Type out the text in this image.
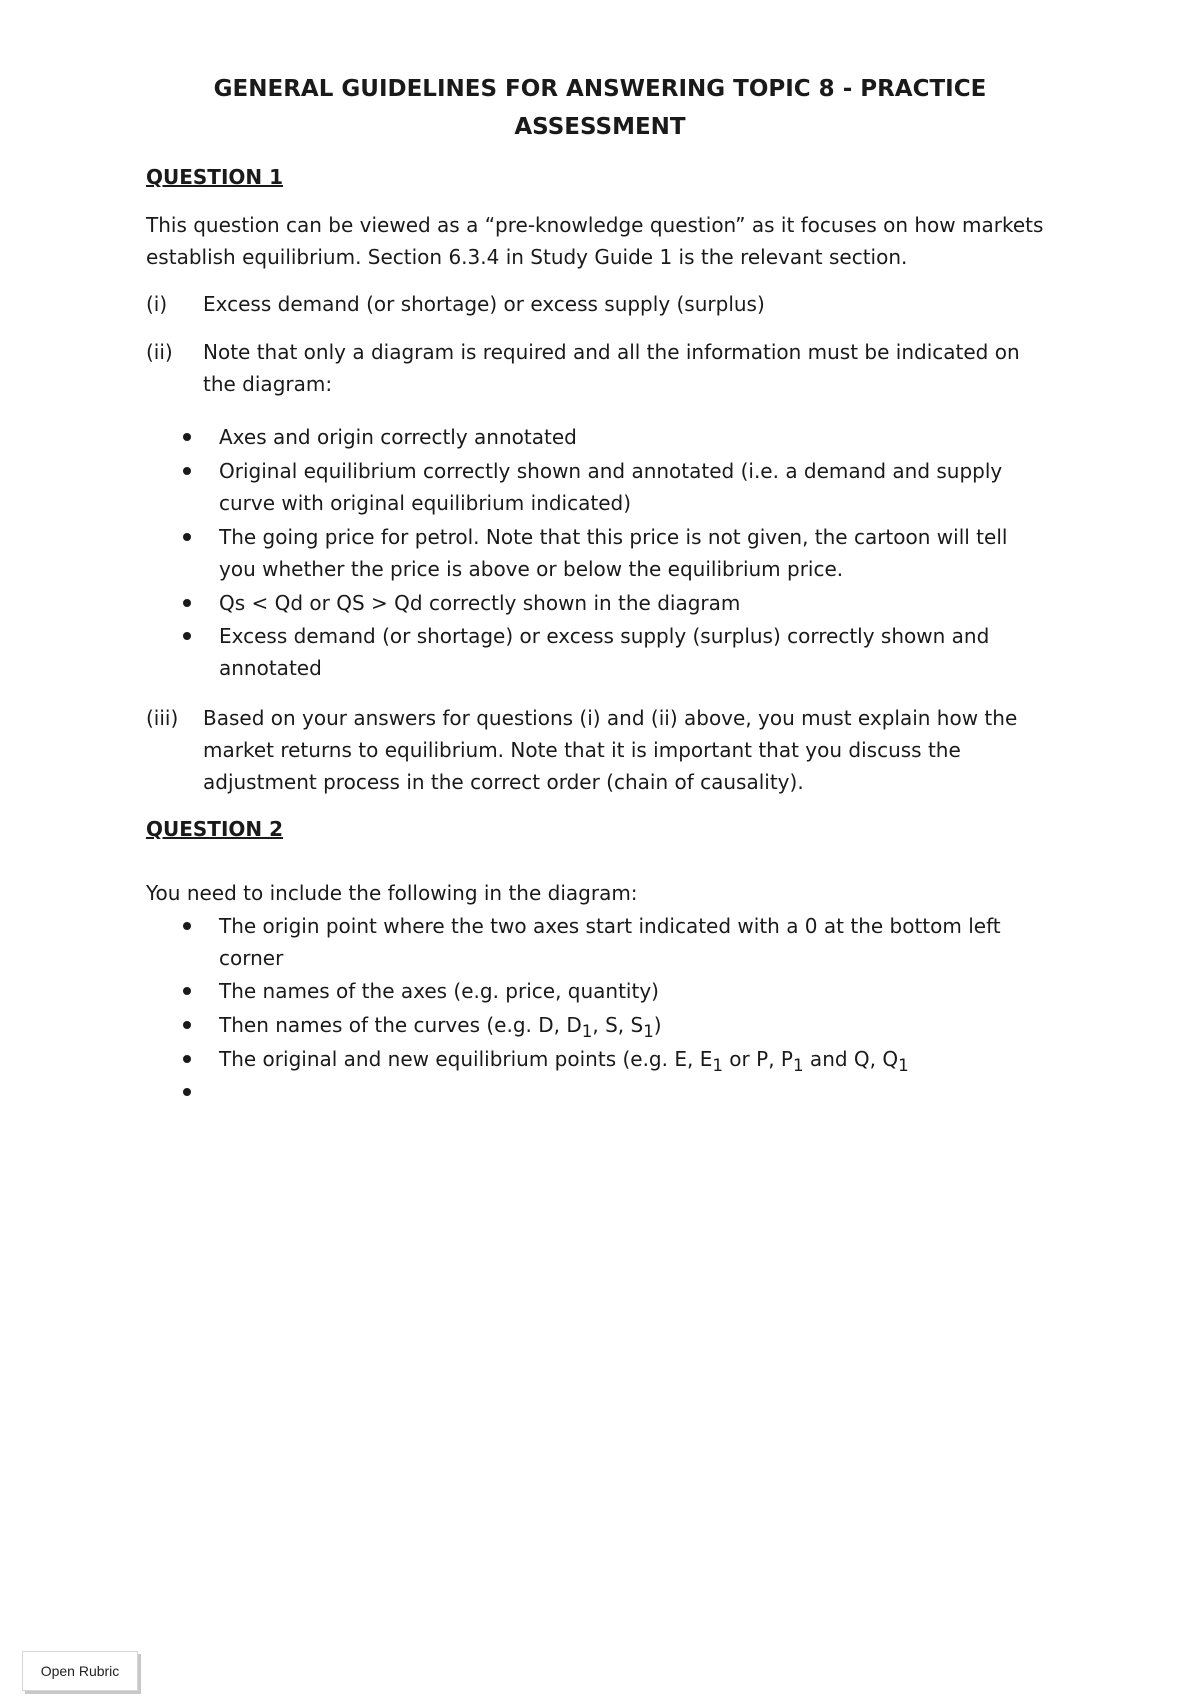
GENERAL GUIDELINES FOR ANSWERING TOPIC 8 - PRACTICE ASSESSMENT
QUESTION 1
This question can be viewed as a “pre-knowledge question” as it focuses on how markets establish equilibrium. Section 6.3.4 in Study Guide 1 is the relevant section.
(i)	Excess demand (or shortage) or excess supply (surplus)
(ii)	Note that only a diagram is required and all the information must be indicated on the diagram:
Axes and origin correctly annotated
Original equilibrium correctly shown and annotated (i.e. a demand and supply curve with original equilibrium indicated)
The going price for petrol. Note that this price is not given, the cartoon will tell you whether the price is above or below the equilibrium price.
Qs < Qd or QS > Qd correctly shown in the diagram
Excess demand (or shortage) or excess supply (surplus) correctly shown and annotated
(iii)	Based on your answers for questions (i) and (ii) above, you must explain how the market returns to equilibrium. Note that it is important that you discuss the adjustment process in the correct order (chain of causality).
QUESTION 2
You need to include the following in the diagram:
The origin point where the two axes start indicated with a 0 at the bottom left corner
The names of the axes (e.g. price, quantity)
Then names of the curves (e.g. D, $D_1$, S, $S_1$)
The original and new equilibrium points (e.g. E, $E_1$ or P, $P_1$ and Q, $Q_1$
Open Rubric
